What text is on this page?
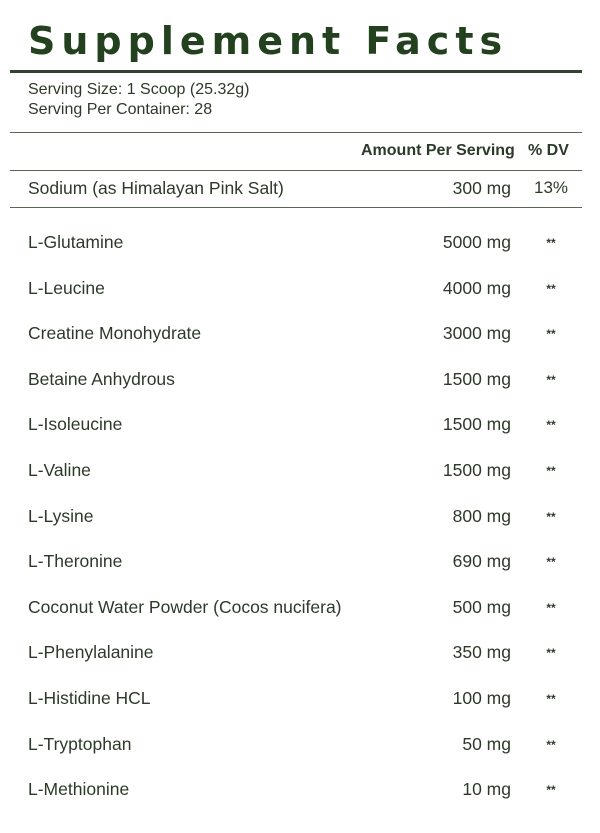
Supplement Facts
Serving Size: 1 Scoop (25.32g)
Serving Per Container: 28
Amount Per Serving % DV
Sodium (as Himalayan Pink Salt)	300 mg 13%
L-Glutamine	5000 mg	**
L-Leucine	4000 mg	**
Creatine Monohydrate	3000 mg	**
Betaine Anhydrous	1500 mg	**
L-Isoleucine	1500 mg	**
L-Valine	1500 mg	**
L-Lysine	800 mg	**
L-Theronine	690 mg	**
Coconut Water Powder (Cocos nucifera)	500 mg	**
L-Phenylalanine	350 mg	**
L-Histidine HCL	100 mg	**
L-Tryptophan	50 mg	**
L-Methionine	10 mg	**
